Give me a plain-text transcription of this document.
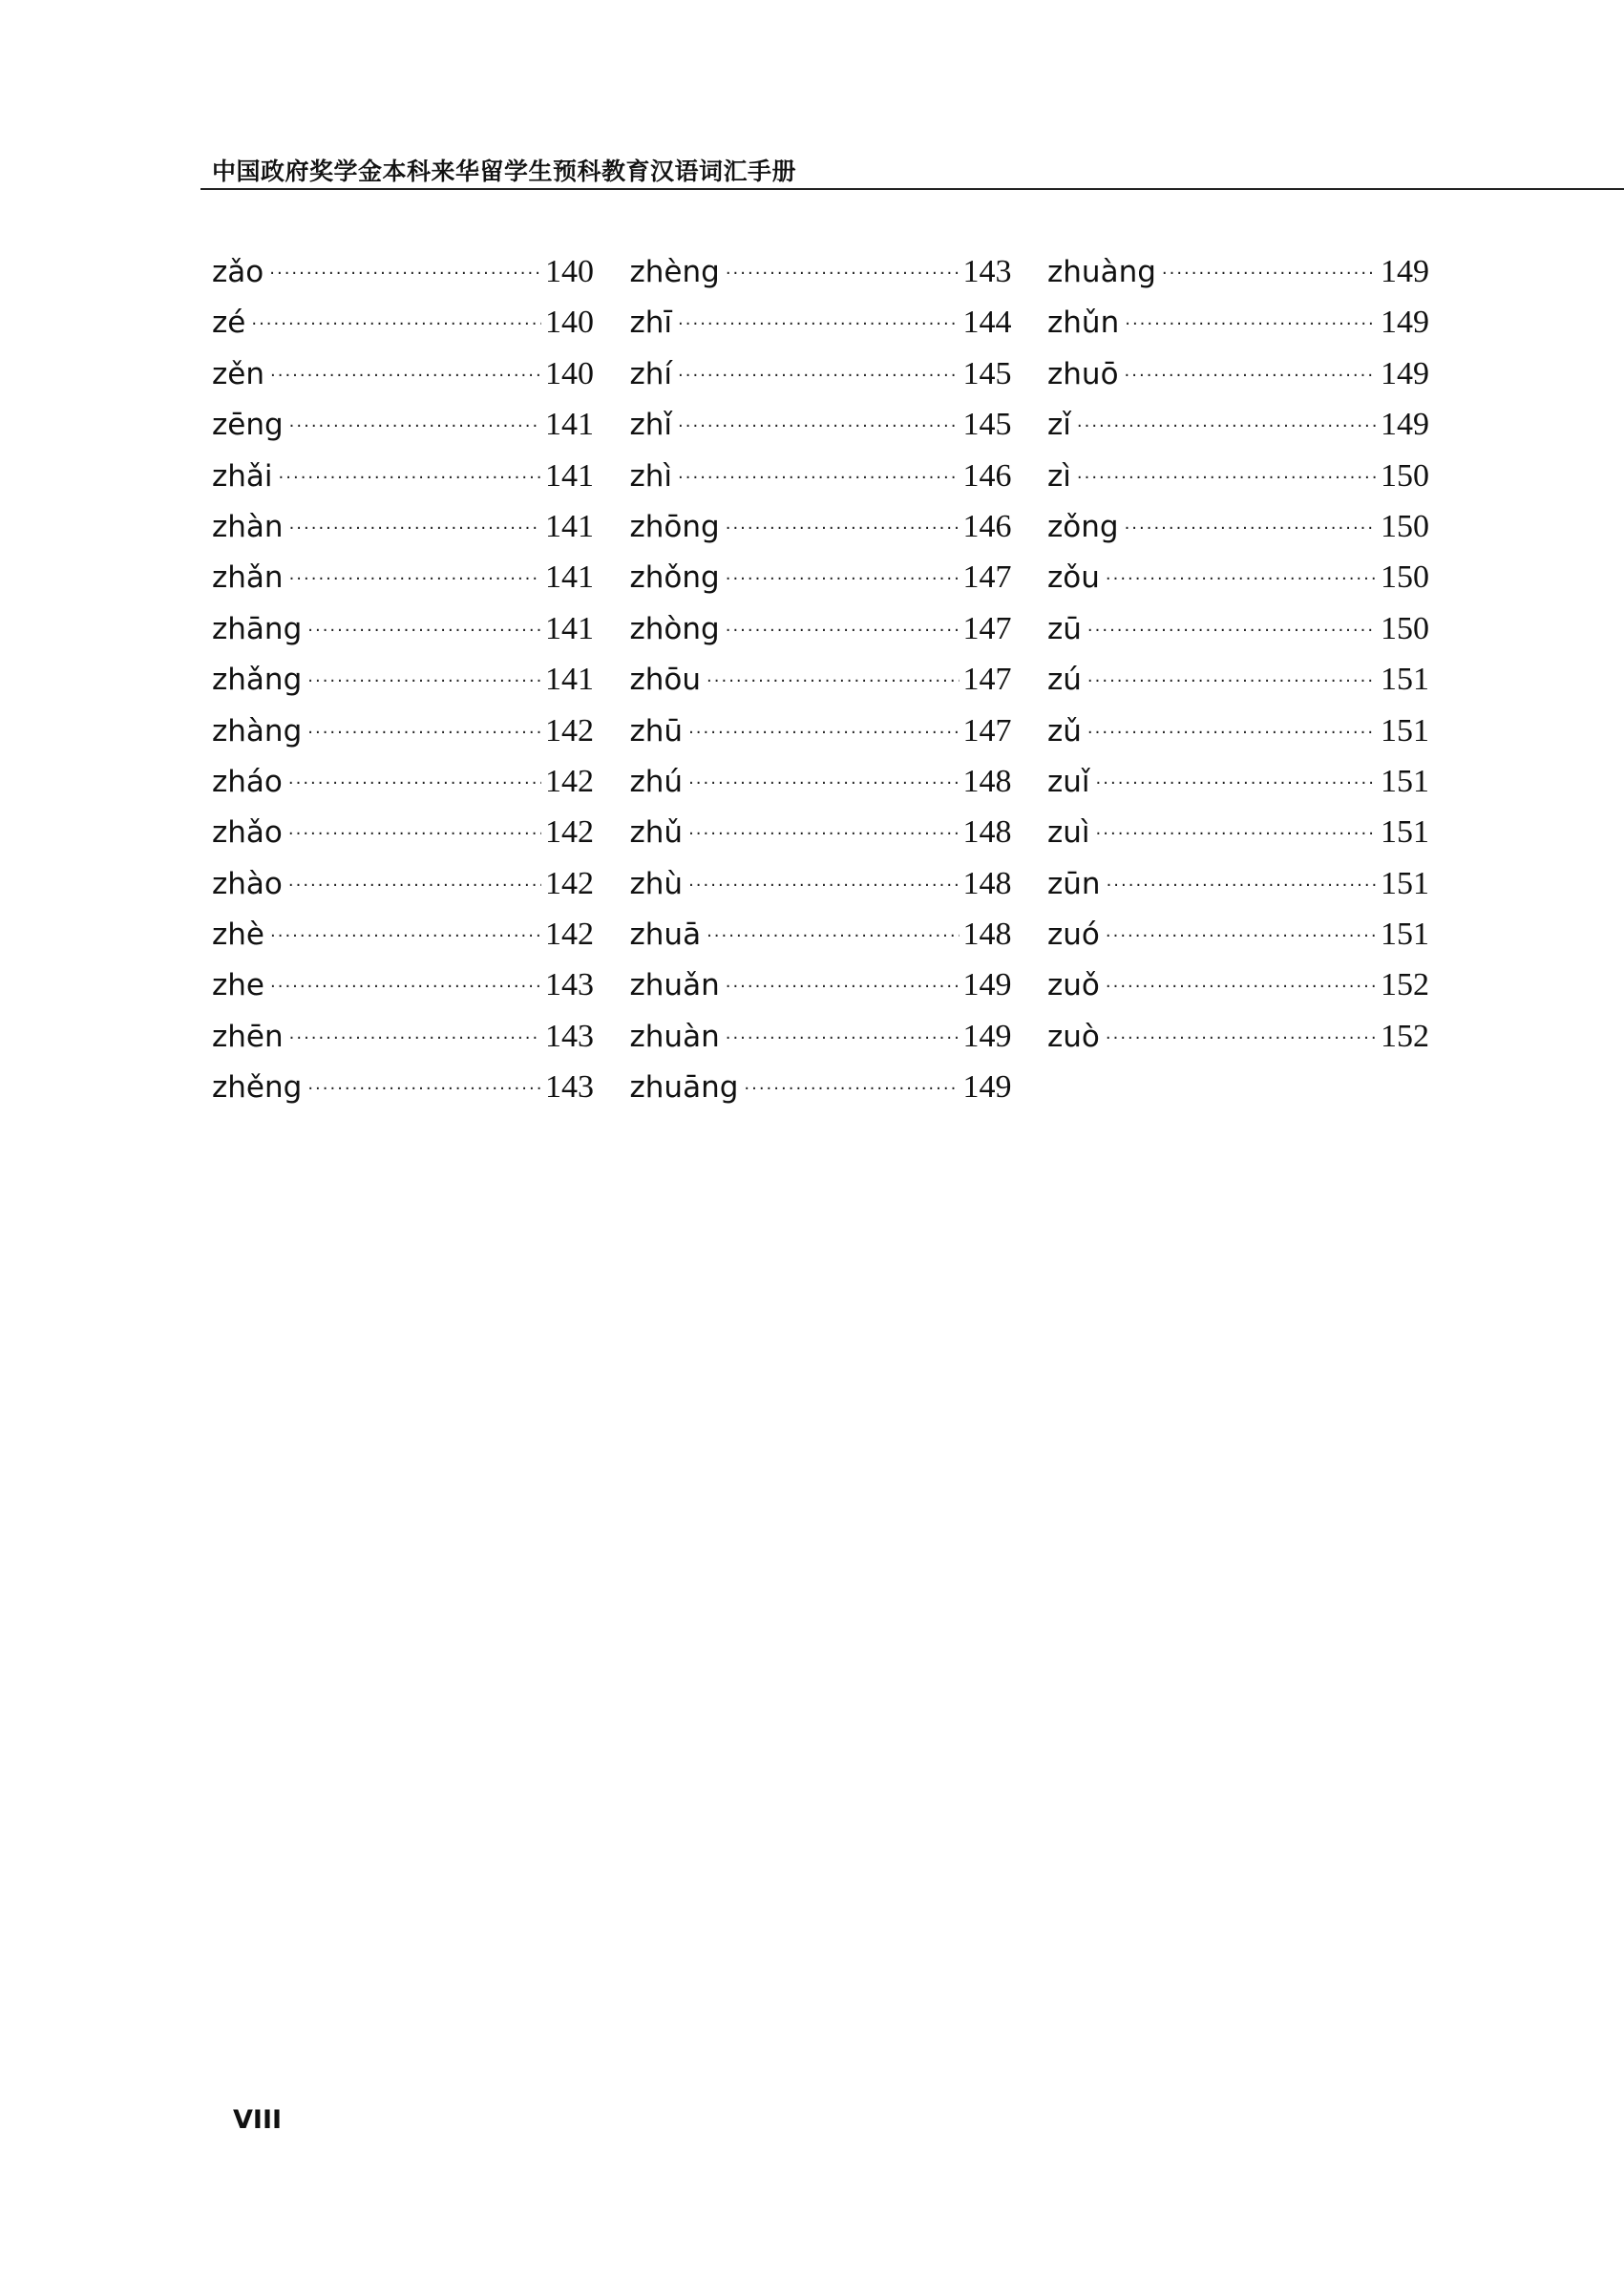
中国政府奖学金本科来华留学生预科教育汉语词汇手册
zǎo ·····	140
zé ·····	140
zěn ·····	140
zēng ·····	141
zhǎi ·····	141
zhàn ·····	141
zhǎn ·····	141
zhāng ·····	141
zhǎng ·····	141
zhàng ·····	142
zháo ·····	142
zhǎo ·····	142
zhào ·····	142
zhè ·····	142
zhe ·····	143
zhēn ·····	143
zhěng ·····	143
zhèng ·····	143
zhī ·····	144
zhí ·····	145
zhǐ ·····	145
zhì ·····	146
zhōng ·····	146
zhǒng ·····	147
zhòng ·····	147
zhōu ·····	147
zhū ·····	147
zhú ·····	148
zhǔ ·····	148
zhù ·····	148
zhuā ·····	148
zhuǎn ·····	149
zhuàn ·····	149
zhuāng ·····	149
zhuàng ·····	149
zhǔn ·····	149
zhuō ·····	149
zǐ ·····	149
zì ·····	150
zǒng ·····	150
zǒu ·····	150
zū ·····	150
zú ·····	151
zǔ ·····	151
zuǐ ·····	151
zuì ·····	151
zūn ·····	151
zuó ·····	151
zuǒ ·····	152
zuò ·····	152
VIII
